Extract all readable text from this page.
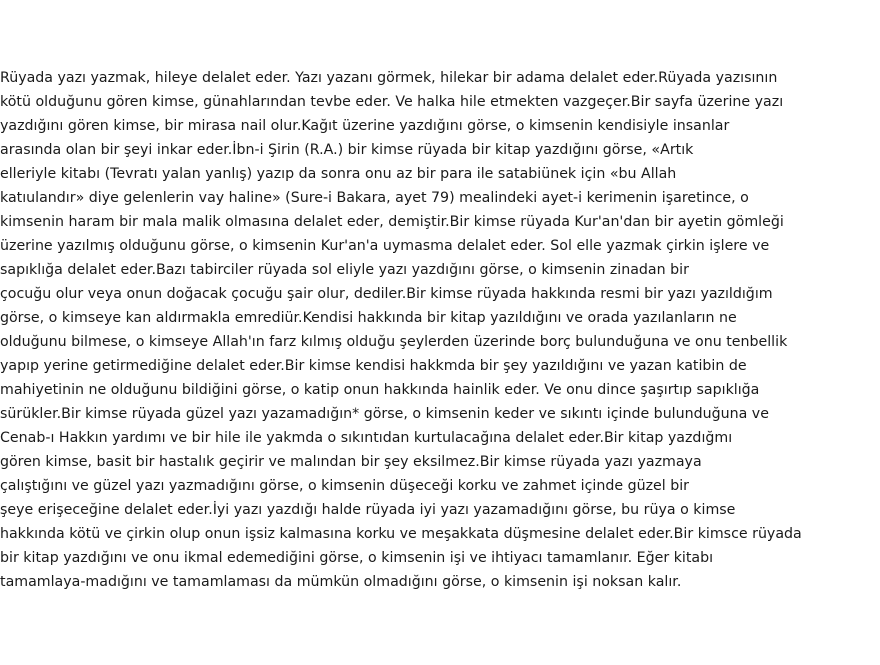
Rüyada yazı yazmak, hileye delalet eder. Yazı yazanı görmek, hilekar bir adama delalet eder.Rüyada yazısının
kötü olduğunu gören kimse, günahlarından tevbe eder. Ve halka hile etmekten vazgeçer.Bir sayfa üzerine yazı
yazdığını gören kimse, bir mirasa nail olur.Kağıt üzerine yazdığını görse, o kimsenin kendisiyle insanlar
arasında olan bir şeyi inkar eder.İbn-i Şirin (R.A.) bir kimse rüyada bir kitap yazdığını görse, «Artık
elleriyle kitabı (Tevratı yalan yanlış) yazıp da sonra onu az bir para ile satabiünek için «bu Allah
katıulandır» diye gelenlerin vay haline» (Sure-i Bakara, ayet 79) mealindeki ayet-i kerimenin işaretince, o
kimsenin haram bir mala malik olmasına delalet eder, demiştir.Bir kimse rüyada Kur'an'dan bir ayetin gömleği
üzerine yazılmış olduğunu görse, o kimsenin Kur'an'a uymasma delalet eder. Sol elle yazmak çirkin işlere ve
sapıklığa delalet eder.Bazı tabirciler rüyada sol eliyle yazı yazdığını görse, o kimsenin zinadan bir
çocuğu olur veya onun doğacak çocuğu şair olur, dediler.Bir kimse rüyada hakkında resmi bir yazı yazıldığım
görse, o kimseye kan aldırmakla emrediür.Kendisi hakkında bir kitap yazıldığını ve orada yazılanların ne
olduğunu bilmese, o kimseye Allah'ın farz kılmış olduğu şeylerden üzerinde borç bulunduğuna ve onu tenbellik
yapıp yerine getirmediğine delalet eder.Bir kimse kendisi hakkmda bir şey yazıldığını ve yazan katibin de
mahiyetinin ne olduğunu bildiğini görse, o katip onun hakkında hainlik eder. Ve onu dince şaşırtıp sapıklığa
sürükler.Bir kimse rüyada güzel yazı yazamadığın* görse, o kimsenin keder ve sıkıntı içinde bulunduğuna ve
Cenab-ı Hakkın yardımı ve bir hile ile yakmda o sıkıntıdan kurtulacağına delalet eder.Bir kitap yazdığmı
gören kimse, basit bir hastalık geçirir ve malından bir şey eksilmez.Bir kimse rüyada yazı yazmaya
çalıştığını ve güzel yazı yazmadığını görse, o kimsenin düşeceği korku ve zahmet içinde güzel bir
şeye erişeceğine delalet eder.İyi yazı yazdığı halde rüyada iyi yazı yazamadığını görse, bu rüya o kimse
hakkında kötü ve çirkin olup onun işsiz kalmasına korku ve meşakkata düşmesine delalet eder.Bir kimsce rüyada
bir kitap yazdığını ve onu ikmal edemediğini görse, o kimsenin işi ve ihtiyacı tamamlanır. Eğer kitabı
tamamlaya-madığını ve tamamlaması da mümkün olmadığını görse, o kimsenin işi noksan kalır.
